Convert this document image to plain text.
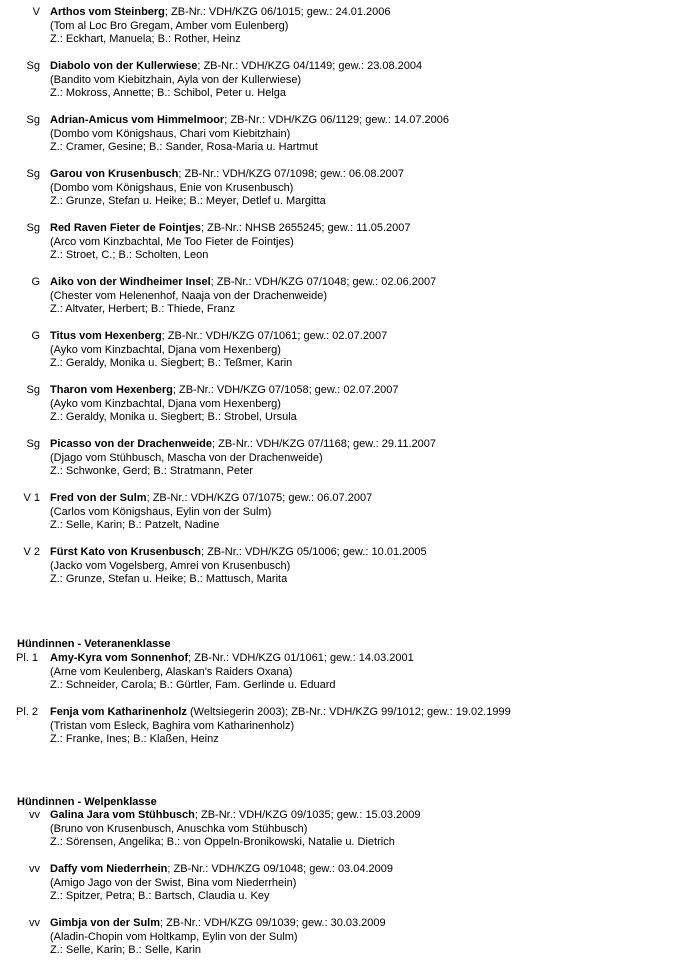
V Arthos vom Steinberg; ZB-Nr.: VDH/KZG 06/1015; gew.: 24.01.2006
(Tom al Loc Bro Gregam, Amber vom Eulenberg)
Z.: Eckhart, Manuela; B.: Rother, Heinz
Sg Diabolo von der Kullerwiese; ZB-Nr.: VDH/KZG 04/1149; gew.: 23.08.2004
(Bandito vom Kiebitzhain, Ayla von der Kullerwiese)
Z.: Mokross, Annette; B.: Schibol, Peter u. Helga
Sg Adrian-Amicus vom Himmelmoor; ZB-Nr.: VDH/KZG 06/1129; gew.: 14.07.2006
(Dombo vom Königshaus, Chari vom Kiebitzhain)
Z.: Cramer, Gesine; B.: Sander, Rosa-Maria u. Hartmut
Sg Garou von Krusenbusch; ZB-Nr.: VDH/KZG 07/1098; gew.: 06.08.2007
(Dombo vom Königshaus, Enie von Krusenbusch)
Z.: Grunze, Stefan u. Heike; B.: Meyer, Detlef u. Margitta
Sg Red Raven Fieter de Fointjes; ZB-Nr.: NHSB 2655245; gew.: 11.05.2007
(Arco vom Kinzbachtal, Me Too Fieter de Fointjes)
Z.: Stroet, C.; B.: Scholten, Leon
G Aiko von der Windheimer Insel; ZB-Nr.: VDH/KZG 07/1048; gew.: 02.06.2007
(Chester vom Helenenhof, Naaja von der Drachenweide)
Z.: Altvater, Herbert; B.: Thiede, Franz
G Titus vom Hexenberg; ZB-Nr.: VDH/KZG 07/1061; gew.: 02.07.2007
(Ayko vom Kinzbachtal, Djana vom Hexenberg)
Z.: Geraldy, Monika u. Siegbert; B.: Teßmer, Karin
Sg Tharon vom Hexenberg; ZB-Nr.: VDH/KZG 07/1058; gew.: 02.07.2007
(Ayko vom Kinzbachtal, Djana vom Hexenberg)
Z.: Geraldy, Monika u. Siegbert; B.: Strobel, Ursula
Sg Picasso von der Drachenweide; ZB-Nr.: VDH/KZG 07/1168; gew.: 29.11.2007
(Djago vom Stühbusch, Mascha von der Drachenweide)
Z.: Schwonke, Gerd; B.: Stratmann, Peter
V 1 Fred von der Sulm; ZB-Nr.: VDH/KZG 07/1075; gew.: 06.07.2007
(Carlos vom Königshaus, Eylin von der Sulm)
Z.: Selle, Karin; B.: Patzelt, Nadine
V 2 Fürst Kato von Krusenbusch; ZB-Nr.: VDH/KZG 05/1006; gew.: 10.01.2005
(Jacko vom Vogelsberg, Amrei von Krusenbusch)
Z.: Grunze, Stefan u. Heike; B.: Mattusch, Marita
Hündinnen - Veteranenklasse
Pl. 1 Amy-Kyra vom Sonnenhof; ZB-Nr.: VDH/KZG 01/1061; gew.: 14.03.2001
(Arne vom Keulenberg, Alaskan's Raiders Oxana)
Z.: Schneider, Carola; B.: Gürtler, Fam. Gerlinde u. Eduard
Pl. 2 Fenja vom Katharinenholz (Weltsiegerin 2003); ZB-Nr.: VDH/KZG 99/1012; gew.: 19.02.1999
(Tristan vom Esleck, Baghira vom Katharinenholz)
Z.: Franke, Ines; B.: Klaßen, Heinz
Hündinnen - Welpenklasse
vv Galina Jara vom Stühbusch; ZB-Nr.: VDH/KZG 09/1035; gew.: 15.03.2009
(Bruno von Krusenbusch, Anuschka vom Stühbusch)
Z.: Sörensen, Angelika; B.: von Oppeln-Bronikowski, Natalie u. Dietrich
vv Daffy vom Niederrhein; ZB-Nr.: VDH/KZG 09/1048; gew.: 03.04.2009
(Amigo Jago von der Swist, Bina vom Niederrhein)
Z.: Spitzer, Petra; B.: Bartsch, Claudia u. Key
vv Gimbja von der Sulm; ZB-Nr.: VDH/KZG 09/1039; gew.: 30.03.2009
(Aladin-Chopin vom Holtkamp, Eylin von der Sulm)
Z.: Selle, Karin; B.: Selle, Karin
